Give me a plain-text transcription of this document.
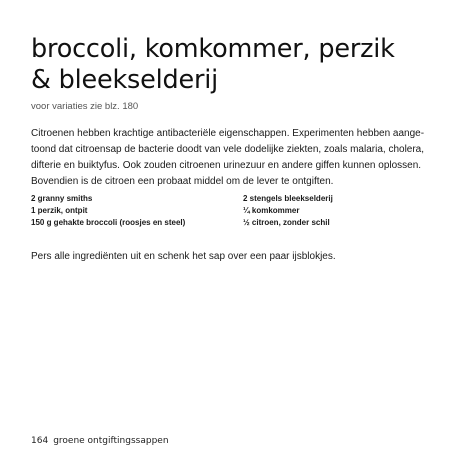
broccoli, komkommer, perzik
& bleekselderij
voor variaties zie blz. 180
Citroenen hebben krachtige antibacteriële eigenschappen. Experimenten hebben aange-
toond dat citroensap de bacterie doodt van vele dodelijke ziekten, zoals malaria, cholera,
difterie en buiktyfus. Ook zouden citroenen urinezuur en andere giffen kunnen oplossen.
Bovendien is de citroen een probaat middel om de lever te ontgiften.
2 granny smiths
1 perzik, ontpit
150 g gehakte broccoli (roosjes en steel)
2 stengels bleekselderij
¼ komkommer
½ citroen, zonder schil
Pers alle ingrediënten uit en schenk het sap over een paar ijsblokjes.
164 groene ontgiftingssappen
